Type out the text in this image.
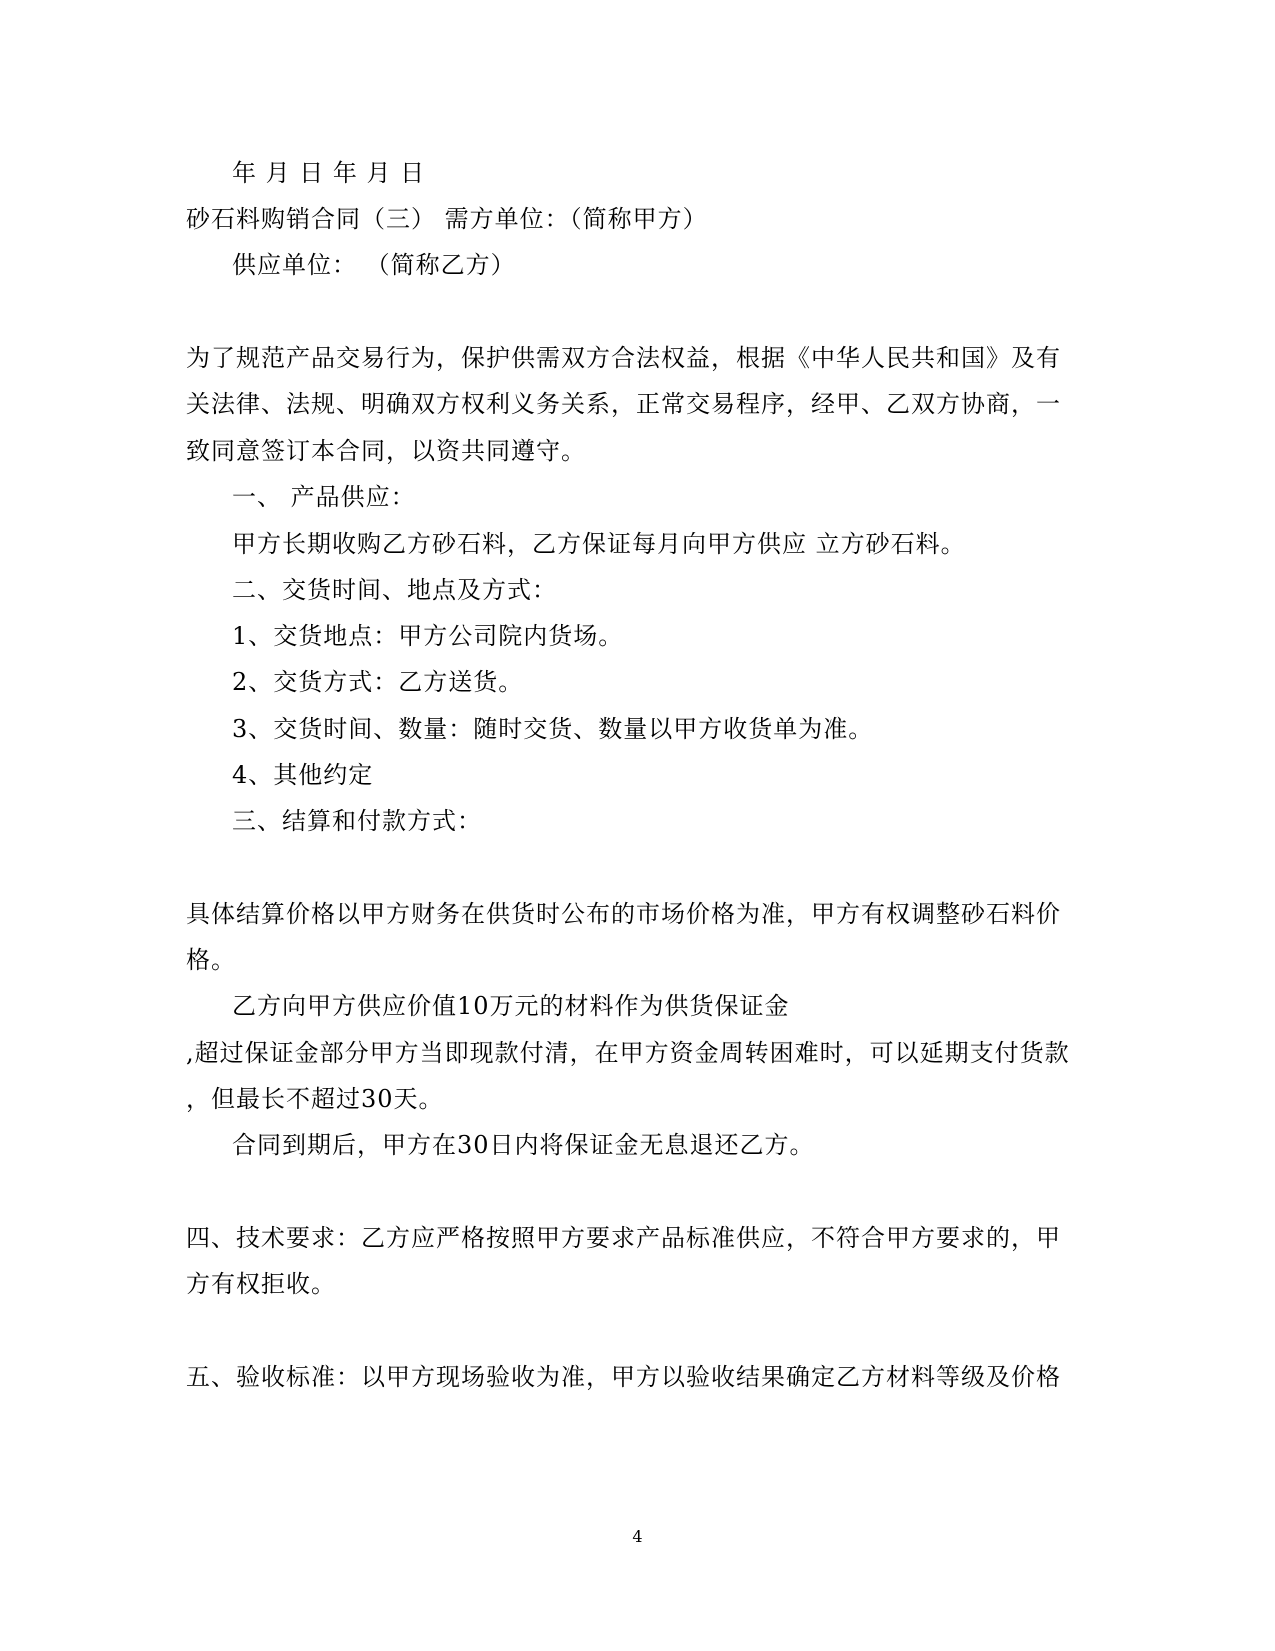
年 月 日 年 月 日
砂石料购销合同（三） 需方单位：（简称甲方）
供应单位： （简称乙方）
为了规范产品交易行为，保护供需双方合法权益，根据《中华人民共和国》及有
关法律、法规、明确双方权利义务关系，正常交易程序，经甲、乙双方协商，一
致同意签订本合同，以资共同遵守。
一、 产品供应：
甲方长期收购乙方砂石料，乙方保证每月向甲方供应 立方砂石料。
二、交货时间、地点及方式：
1、交货地点：甲方公司院内货场。
2、交货方式：乙方送货。
3、交货时间、数量：随时交货、数量以甲方收货单为准。
4、其他约定
三、结算和付款方式：
具体结算价格以甲方财务在供货时公布的市场价格为准，甲方有权调整砂石料价
格。
乙方向甲方供应价值10万元的材料作为供货保证金
,超过保证金部分甲方当即现款付清，在甲方资金周转困难时，可以延期支付货款
，但最长不超过30天。
合同到期后，甲方在30日内将保证金无息退还乙方。
四、技术要求：乙方应严格按照甲方要求产品标准供应，不符合甲方要求的，甲
方有权拒收。
五、验收标准：以甲方现场验收为准，甲方以验收结果确定乙方材料等级及价格
4
